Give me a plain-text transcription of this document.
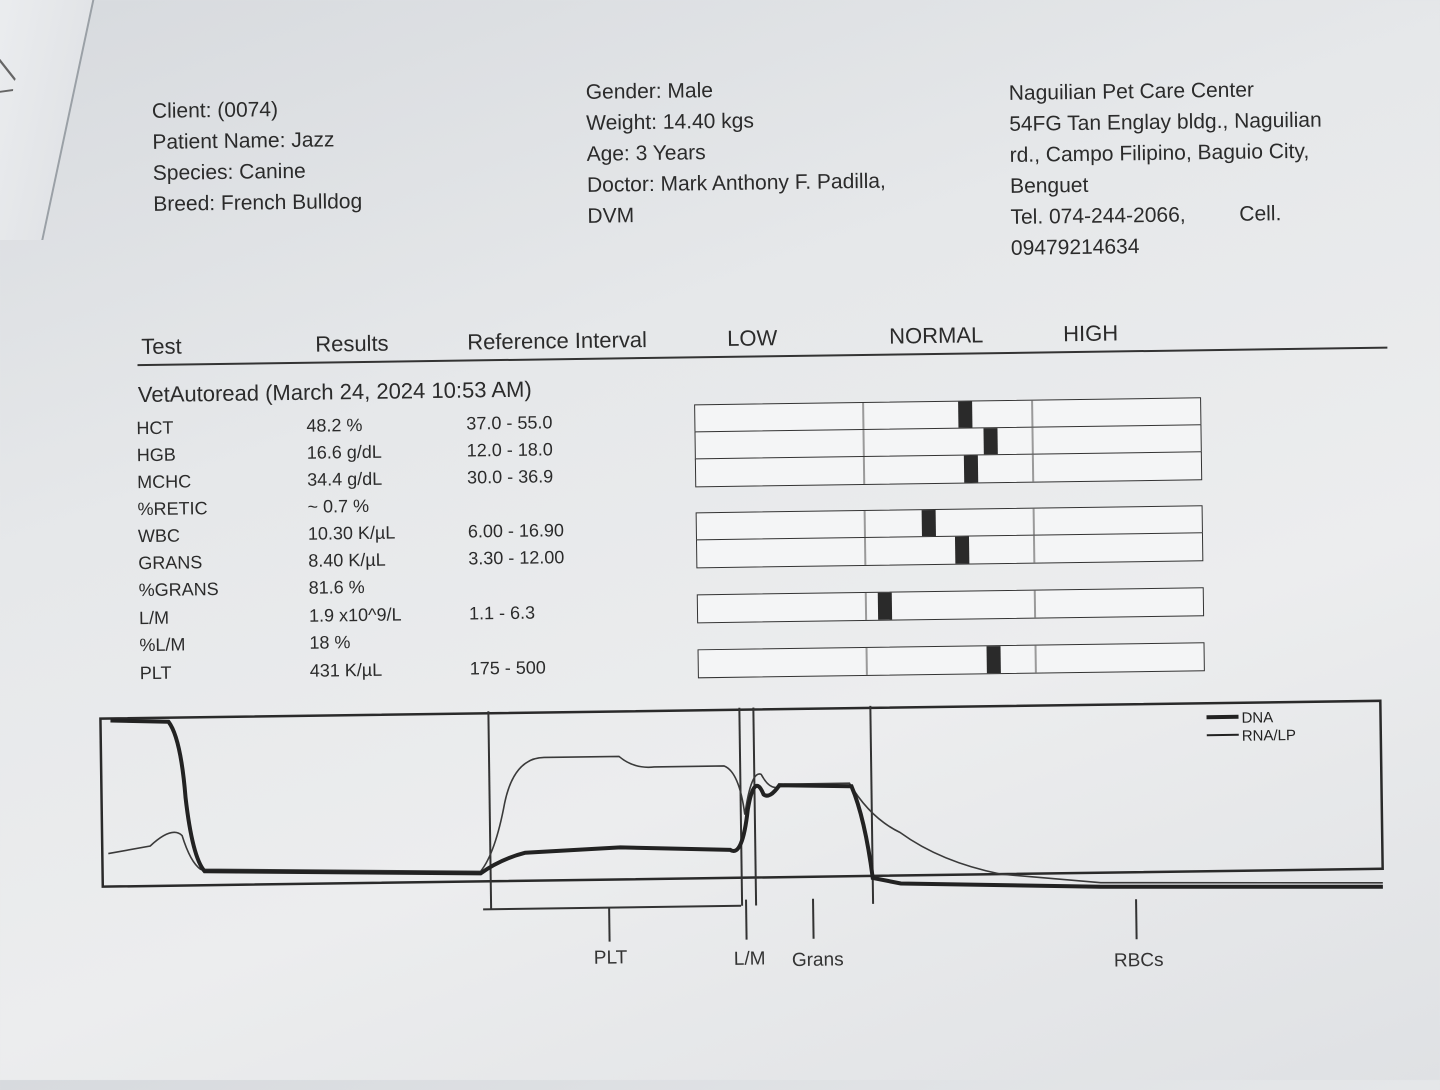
Client: (0074)
Patient Name: Jazz
Species: Canine
Breed: French Bulldog
Gender: Male
Weight: 14.40 kgs
Age: 3 Years
Doctor: Mark Anthony F. Padilla,
DVM
Naguilian Pet Care Center
54FG Tan Englay bldg., Naguilian
rd., Campo Filipino, Baguio City,
Benguet
Tel. 074-244-2066,	Cell.
09479214634
Test	Results	Reference Interval	LOW	NORMAL	HIGH
VetAutoread (March 24, 2024 10:53 AM)
HCT	48.2 %	37.0 - 55.0
HGB	16.6 g/dL	12.0 - 18.0
MCHC	34.4 g/dL	30.0 - 36.9
%RETIC	~ 0.7 %
WBC	10.30 K/µL	6.00 - 16.90
GRANS	8.40 K/µL	3.30 - 12.00
%GRANS	81.6 %
L/M	1.9 x10^9/L	1.1 - 6.3
%L/M	18 %
PLT	431 K/µL	175 - 500
DNA
RNA/LP
PLT	L/M Grans	RBCs
